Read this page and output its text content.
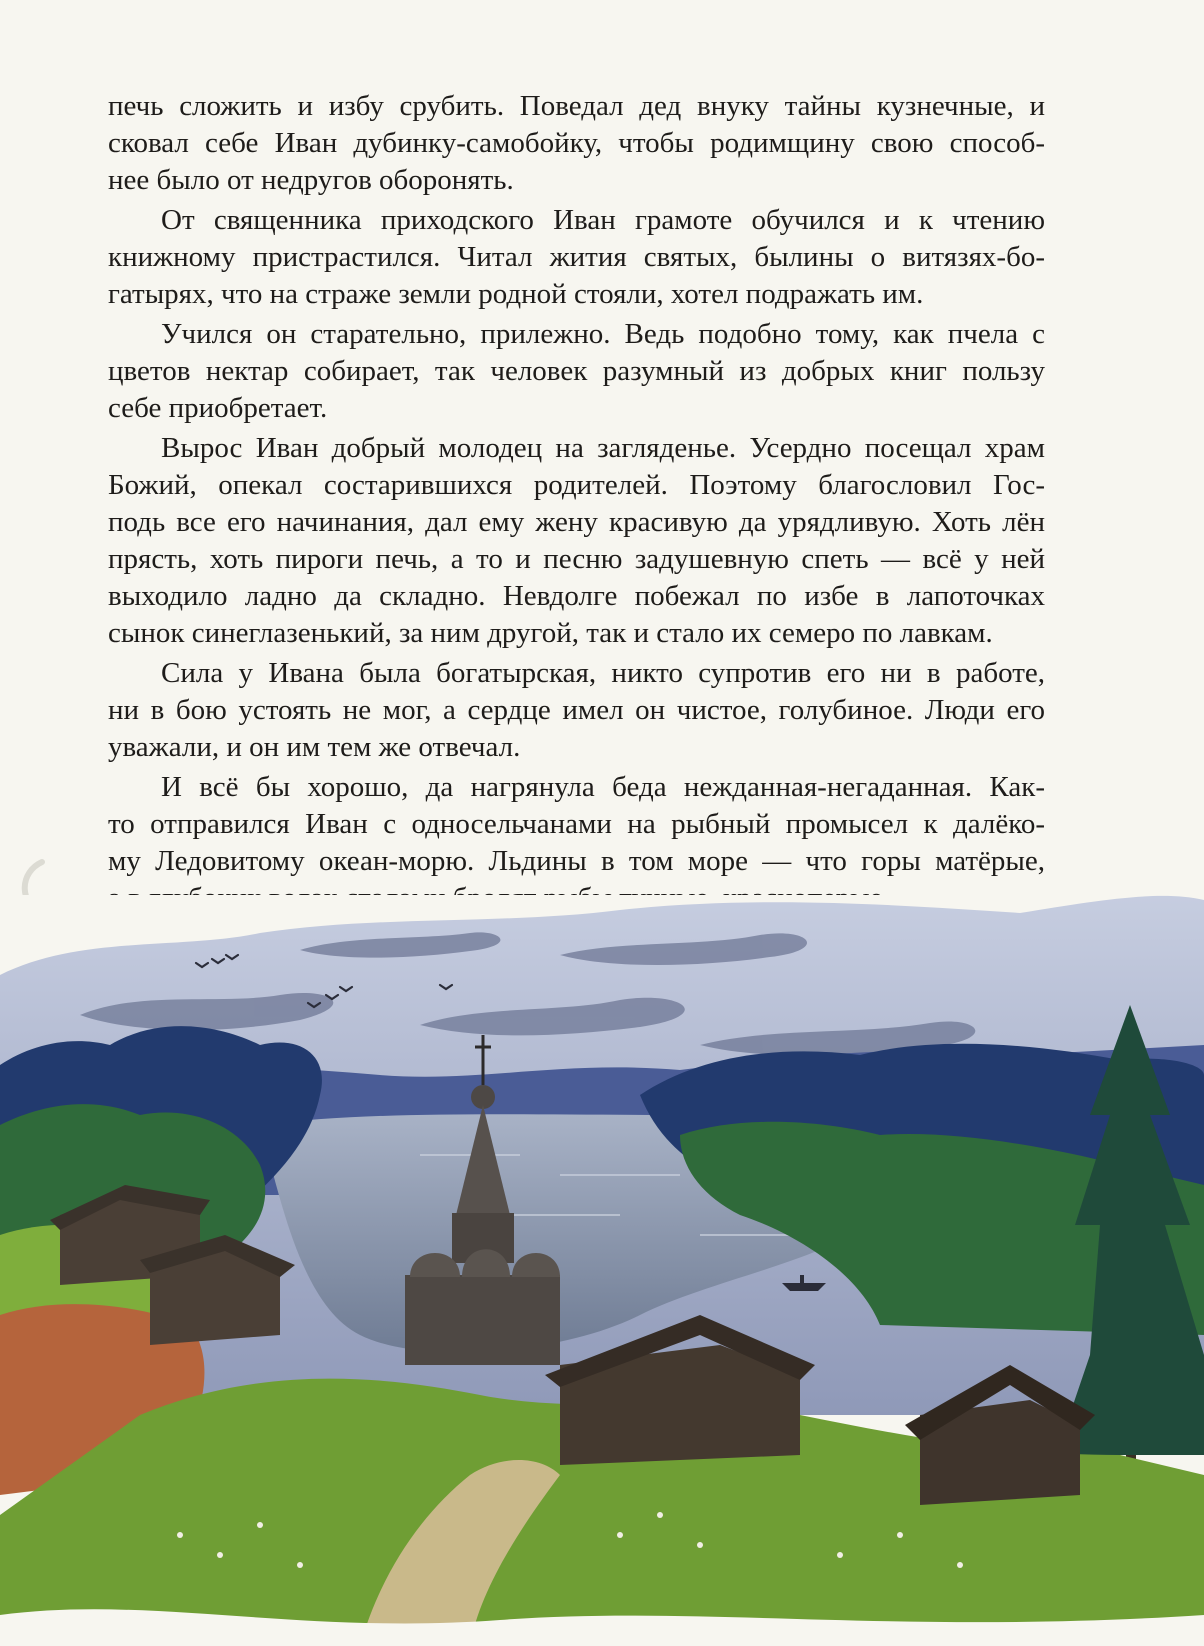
печь сложить и избу срубить. Поведал дед внуку тайны кузнечные, и
сковал себе Иван дубинку-самобойку, чтобы родимщину свою способ-
нее было от недругов оборонять.

От священника приходского Иван грамоте обучился и к чтению
книжному пристрастился. Читал жития святых, былины о витязях-бо-
гатырях, что на страже земли родной стояли, хотел подражать им.

Учился он старательно, прилежно. Ведь подобно тому, как пчела с
цветов нектар собирает, так человек разумный из добрых книг пользу
себе приобретает.

Вырос Иван добрый молодец на загляденье. Усердно посещал храм
Божий, опекал состарившихся родителей. Поэтому благословил Гос-
подь все его начинания, дал ему жену красивую да урядливую. Хоть лён
прясть, хоть пироги печь, а то и песню задушевную спеть — всё у ней
выходило ладно да складно. Невдолге побежал по избе в лапоточках
сынок синеглазенький, за ним другой, так и стало их семеро по лавкам.

Сила у Ивана была богатырская, никто супротив его ни в работе,
ни в бою устоять не мог, а сердце имел он чистое, голубиное. Люди его
уважали, и он им тем же отвечал.

И всё бы хорошо, да нагрянула беда нежданная-негаданная. Как-
то отправился Иван с односельчанами на рыбный промысел к далёко-
му Ледовитому океан-морю. Льдины в том море — что горы матёрые,
